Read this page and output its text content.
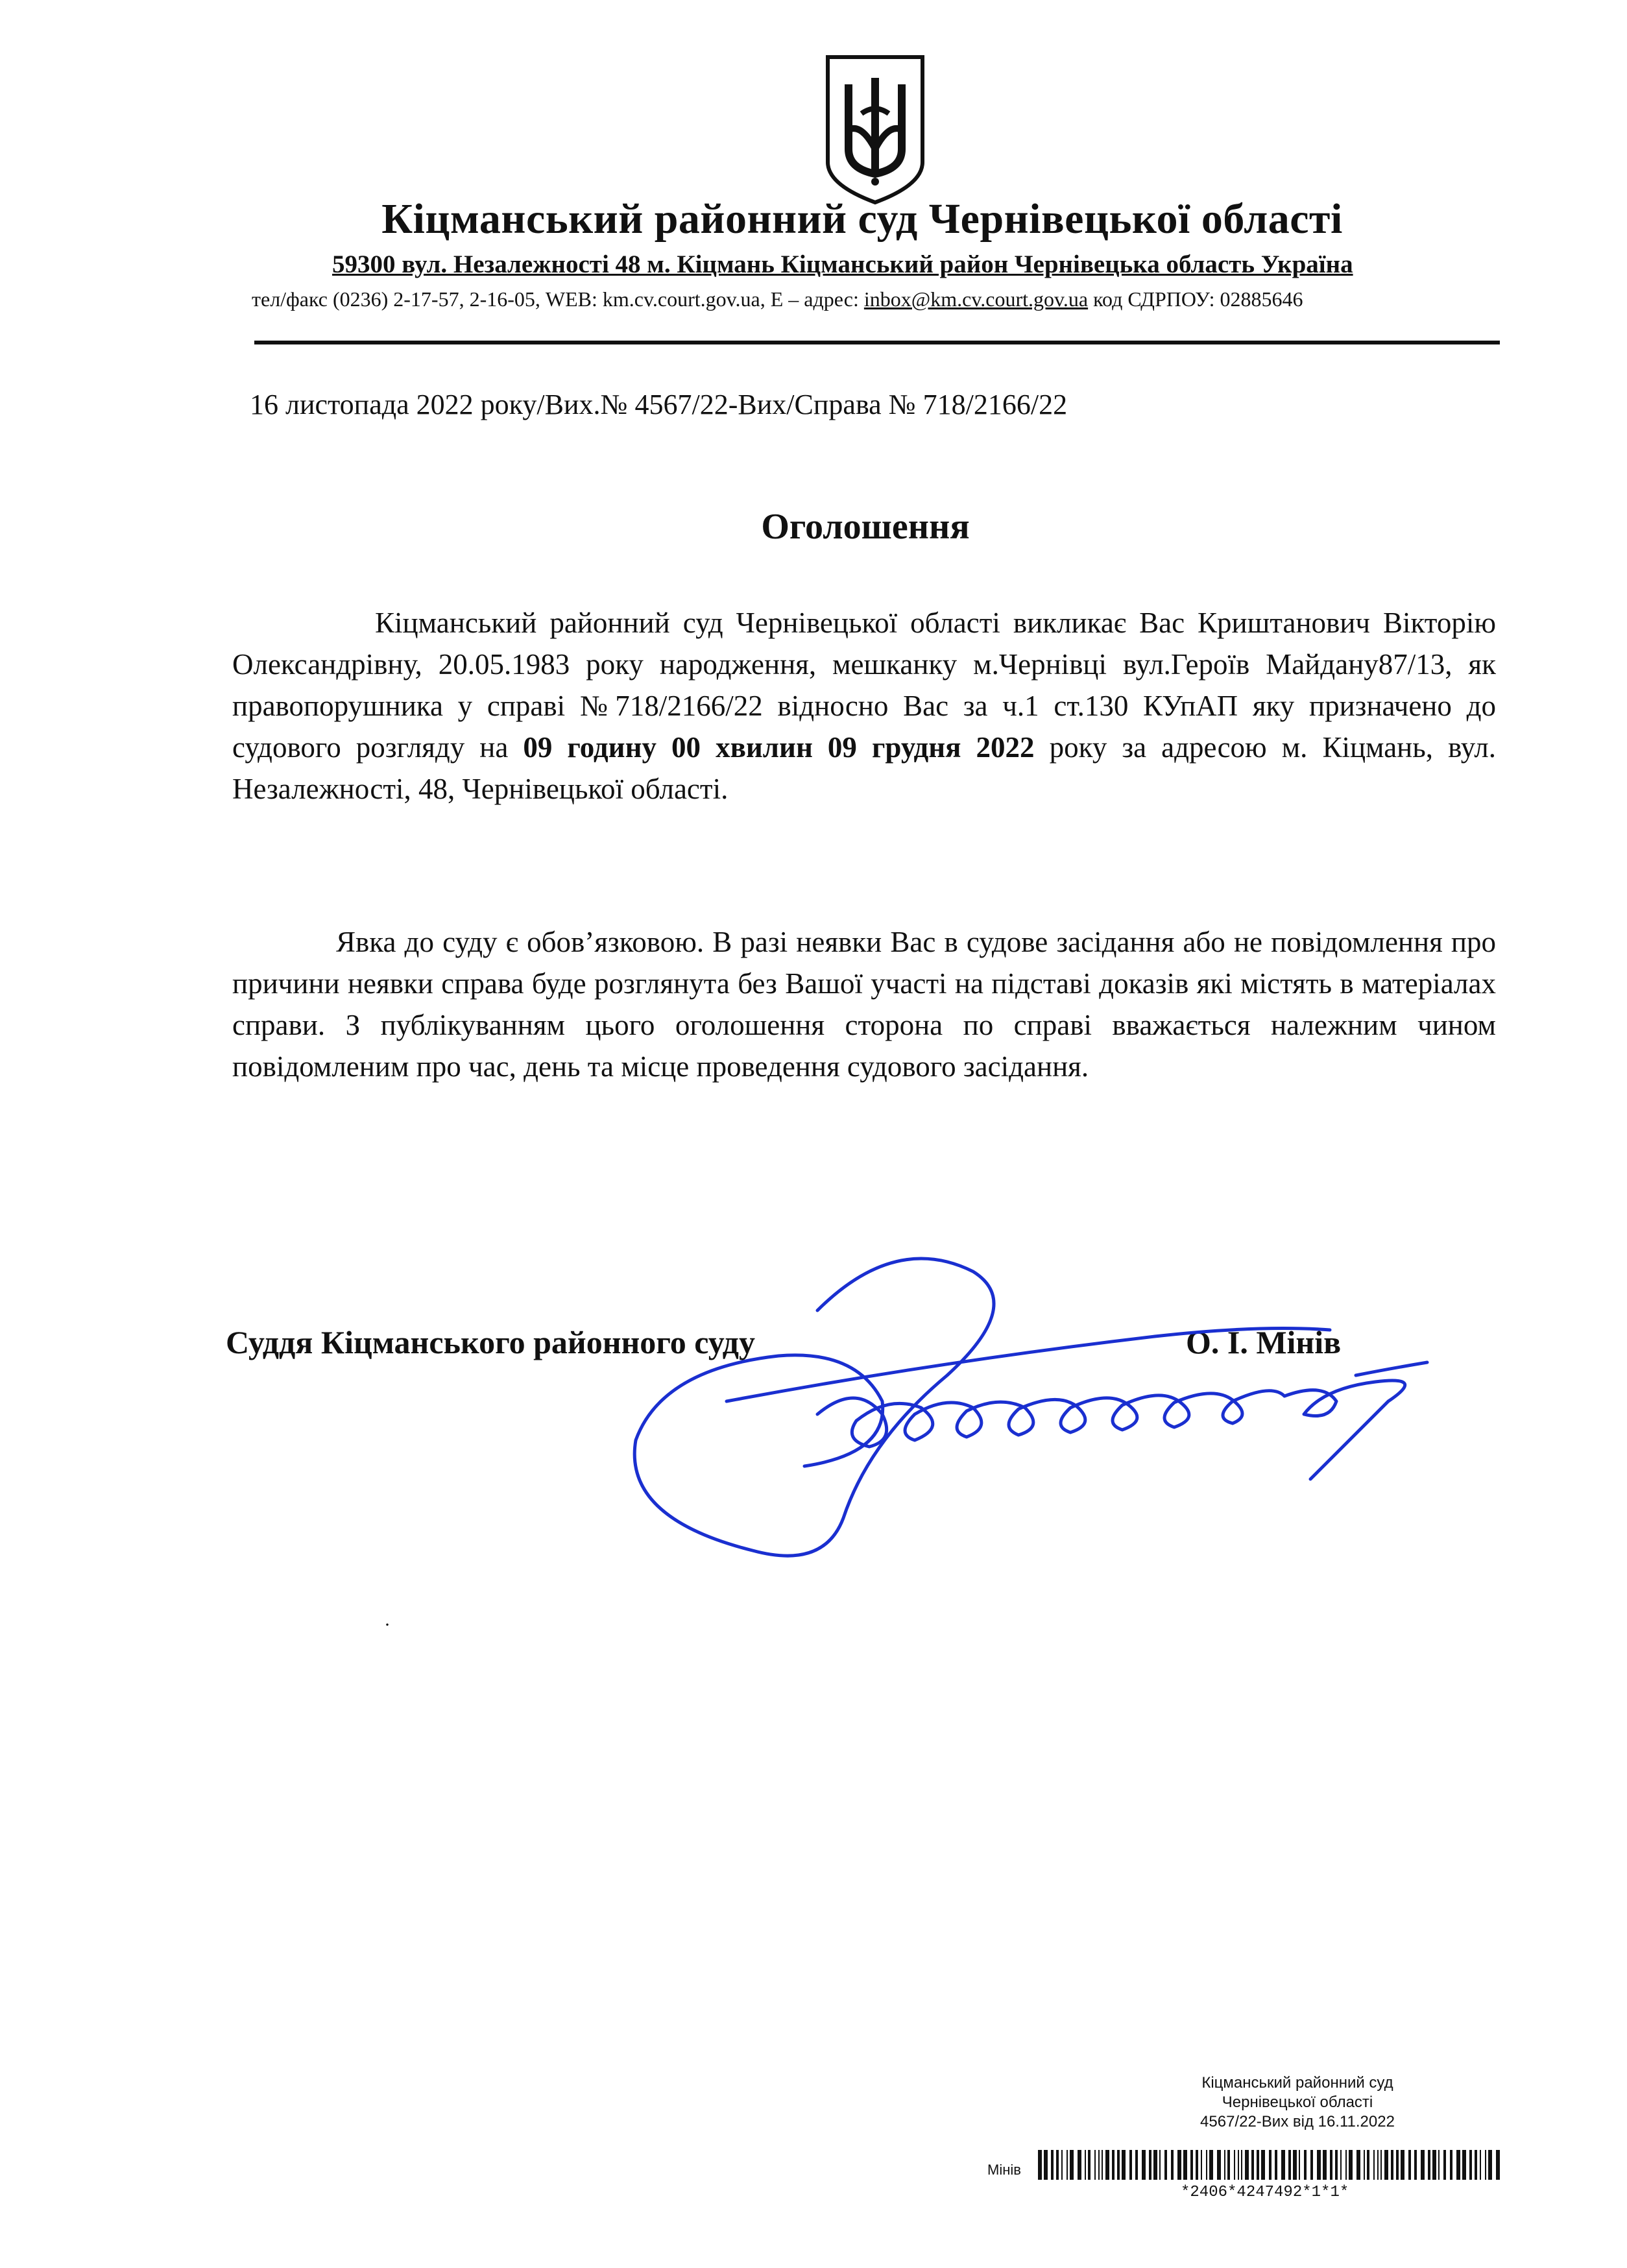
Кіцманський районний суд Чернівецької області
59300 вул. Незалежності 48 м. Кіцмань Кіцманський район Чернівецька область Україна
тел/факс (0236) 2-17-57, 2-16-05, WEB: km.cv.court.gov.ua, E – адрес: inbox@km.cv.court.gov.ua код СДРПОУ: 02885646
16 листопада 2022 року/Вих.№ 4567/22-Вих/Справа № 718/2166/22
Оголошення

Кіцманський районний суд Чернівецької області викликає Вас Криштанович Вікторію Олександрівну, 20.05.1983 року народження, мешканку м.Чернівці вул.Героїв Майдану87/13, як правопорушника у справі №718/2166/22 відносно Вас за ч.1 ст.130 КУпАП яку призначено до судового розгляду на 09 годину 00 хвилин 09 грудня 2022 року за адресою м. Кіцмань, вул. Незалежності, 48, Чернівецької області.

Явка до суду є обов’язковою. В разі неявки Вас в судове засідання або не повідомлення про причини неявки справа буде розглянута без Вашої участі на підставі доказів які містять в матеріалах справи. З публікуванням цього оголошення сторона по справі вважається належним чином повідомленим про час, день та місце проведення судового засідання.

Суддя Кіцманського районного суду	О. І. Мінів
·
Кіцманський районний суд
Чернівецької області
4567/22-Вих від 16.11.2022
Мінів
*2406*4247492*1*1*
